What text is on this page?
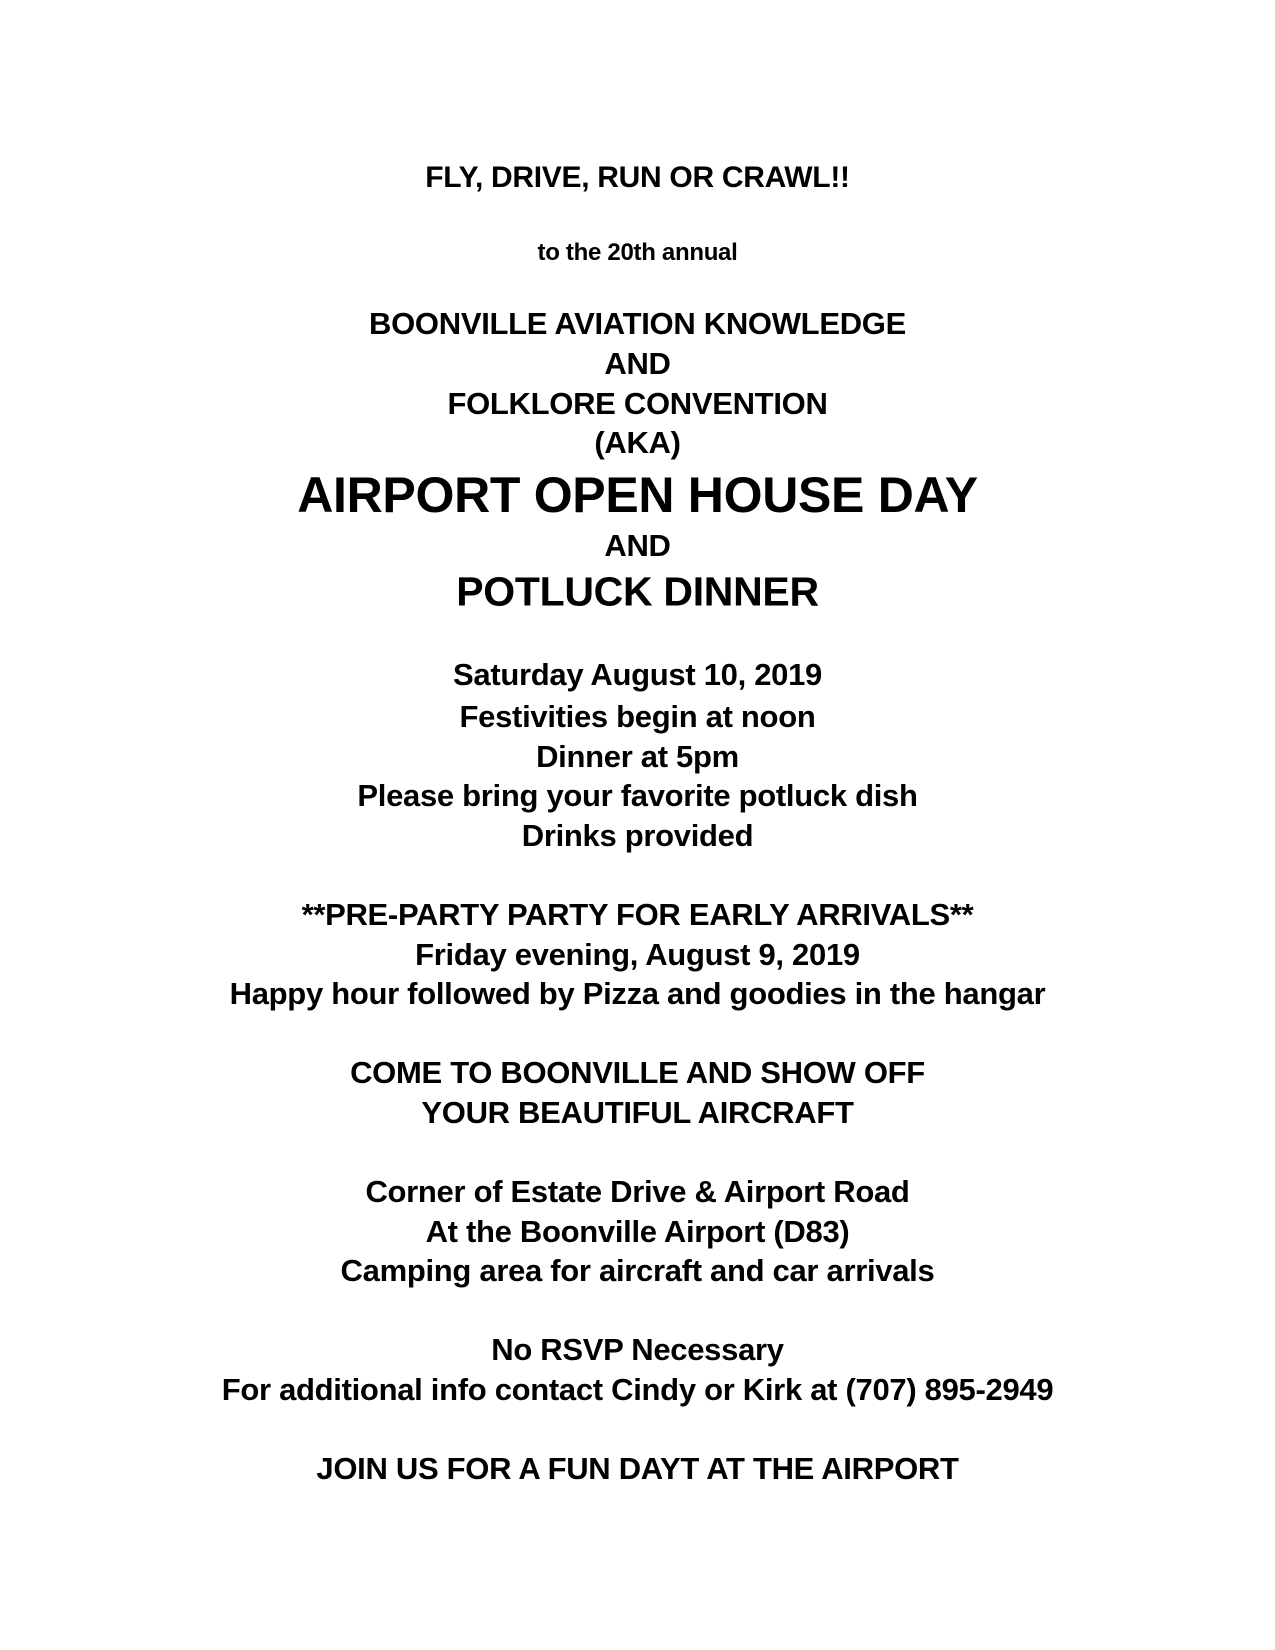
FLY, DRIVE, RUN OR CRAWL!!
to the 20th annual
BOONVILLE AVIATION KNOWLEDGE
AND
FOLKLORE CONVENTION
(AKA)
AIRPORT OPEN HOUSE DAY
AND
POTLUCK DINNER
Saturday August 10, 2019
Festivities begin at noon
Dinner at 5pm
Please bring your favorite potluck dish
Drinks provided
**PRE-PARTY PARTY FOR EARLY ARRIVALS**
Friday evening, August 9, 2019
Happy hour followed by Pizza and goodies in the hangar
COME TO BOONVILLE AND SHOW OFF
YOUR BEAUTIFUL AIRCRAFT
Corner of Estate Drive & Airport Road
At the Boonville Airport (D83)
Camping area for aircraft and car arrivals
No RSVP Necessary
For additional info contact Cindy or Kirk at (707) 895-2949
JOIN US FOR A FUN DAYT AT THE AIRPORT
